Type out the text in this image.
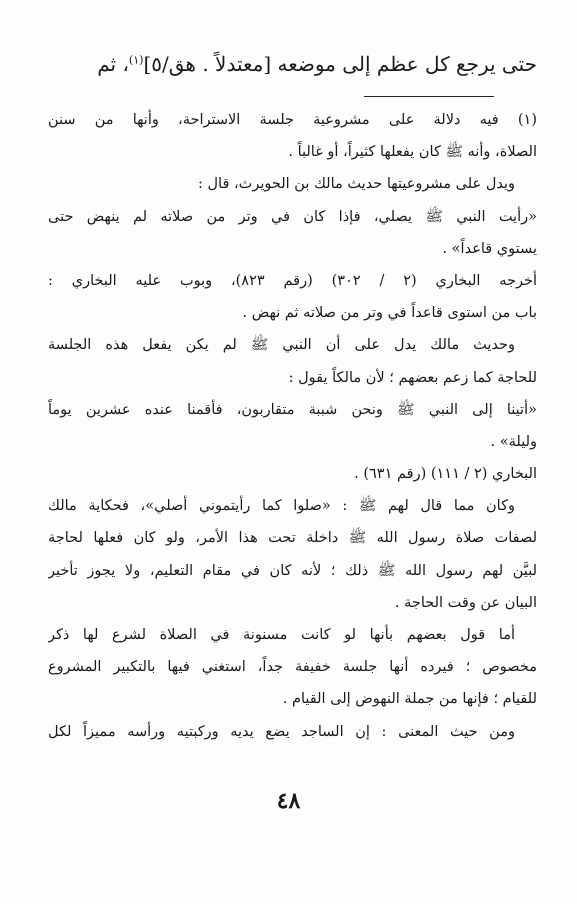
حتى يرجع كل عظم إلى موضعه [معتدلاً . هق/٥]$^{(١)}$، ثم
(١) فيه دلالة على مشروعية جلسة الاستراحة، وأنها من سنن
الصلاة، وأنه ﷺ كان يفعلها كثيراً، أو غالباً .
ويدل على مشروعيتها حديث مالك بن الحويرث، قال :
«رأيت النبي ﷺ يصلي، فإذا كان في وتر من صلاته لم ينهض حتى
يستوي قاعداً» .
أخرجه البخاري (٢ / ٣٠٢) (رقم ٨٢٣)، وبوب عليه البخاري :
باب من استوى قاعداً في وتر من صلاته ثم نهض .
وحديث مالك يدل على أن النبي ﷺ لم يكن يفعل هذه الجلسة
للحاجة كما زعم بعضهم ؛ لأن مالكاً يقول :
«أتينا إلى النبي ﷺ ونحن شببة متقاربون، فأقمنا عنده عشرين يوماً
وليلة» .
البخاري (٢ / ١١١) (رقم ٦٣١) .
وكان مما قال لهم ﷺ : «صلوا كما رأيتموني أصلي»، فحكاية مالك
لصفات صلاة رسول الله ﷺ داخلة تحت هذا الأمر، ولو كان فعلها لحاجة
لبيَّن لهم رسول الله ﷺ ذلك ؛ لأنه كان في مقام التعليم، ولا يجوز تأخير
البيان عن وقت الحاجة .
أما قول بعضهم بأنها لو كانت مسنونة في الصلاة لشرع لها ذكر
مخصوص ؛ فيرده أنها جلسة خفيفة جداً، استغني فيها بالتكبير المشروع
للقيام ؛ فإنها من جملة النهوض إلى القيام .
ومن حيث المعنى : إن الساجد يضع يديه وركبتيه ورأسه مميزاً لكل
٤٨
